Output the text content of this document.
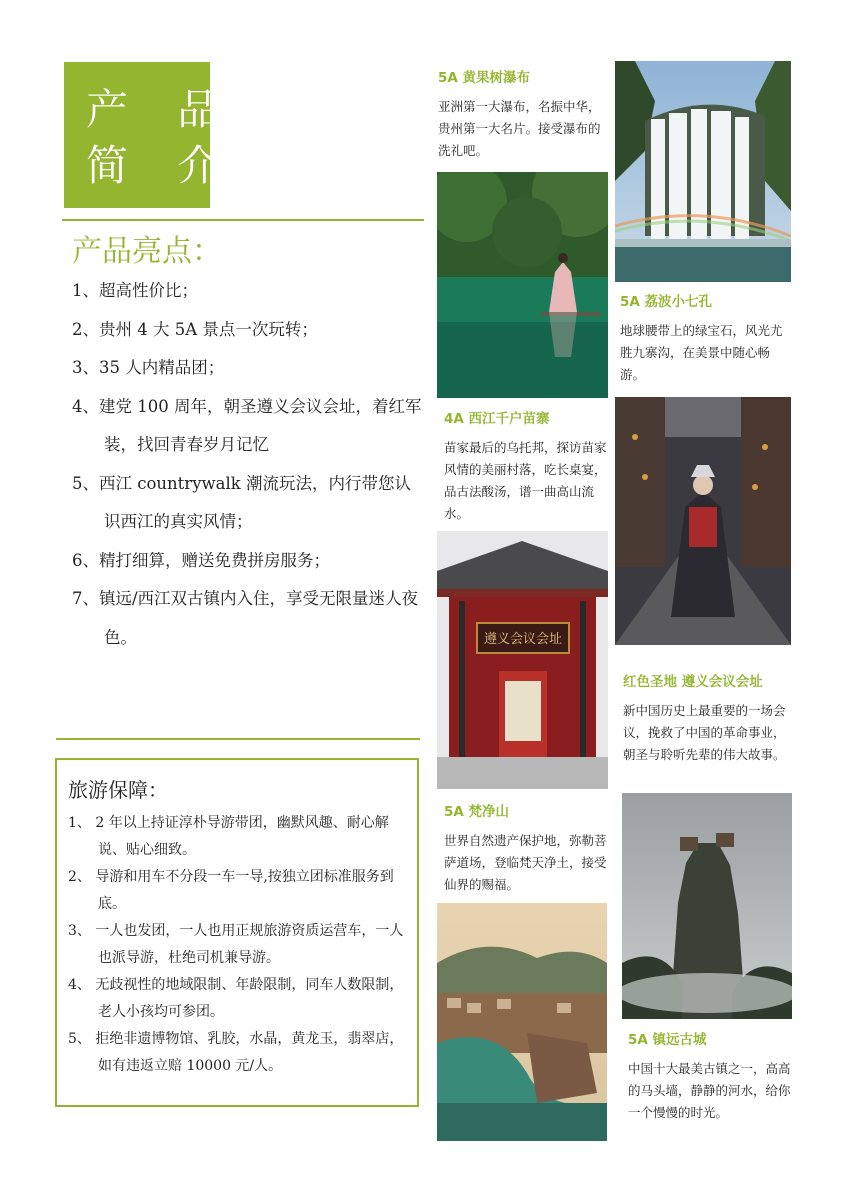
产 品
简 介
产品亮点：
1、超高性价比；
2、贵州 4 大 5A 景点一次玩转；
3、35 人内精品团；
4、建党 100 周年，朝圣遵义会议会址，着红军装，找回青春岁月记忆
5、西江 countrywalk 潮流玩法，内行带您认识西江的真实风情；
6、精打细算，赠送免费拼房服务；
7、镇远/西江双古镇内入住，享受无限量迷人夜色。
旅游保障：
1、 2 年以上持证淳朴导游带团，幽默风趣、耐心解说、贴心细致。
2、 导游和用车不分段一车一导,按独立团标准服务到底。
3、 一人也发团，一人也用正规旅游资质运营车，一人也派导游，杜绝司机兼导游。
4、 无歧视性的地域限制、年龄限制，同车人数限制，老人小孩均可参团。
5、 拒绝非遗博物馆、乳胶，水晶，黄龙玉，翡翠店，如有违返立赔 10000 元/人。
5A 黄果树瀑布
亚洲第一大瀑布，名振中华，贵州第一大名片。接受瀑布的洗礼吧。
5A 荔波小七孔
地球腰带上的绿宝石，风光尤胜九寨沟，在美景中随心畅游。
4A 西江千户苗寨
苗家最后的乌托邦，探访苗家风情的美丽村落，吃长桌宴，品古法酸汤，谱一曲高山流水。
遵义会议会址
红色圣地 遵义会议会址
新中国历史上最重要的一场会议，挽救了中国的革命事业，朝圣与聆听先辈的伟大故事。
5A 梵净山
世界自然遗产保护地，弥勒菩萨道场，登临梵天净土，接受仙界的赐福。
5A 镇远古城
中国十大最美古镇之一，高高的马头墙，静静的河水，给你一个慢慢的时光。
